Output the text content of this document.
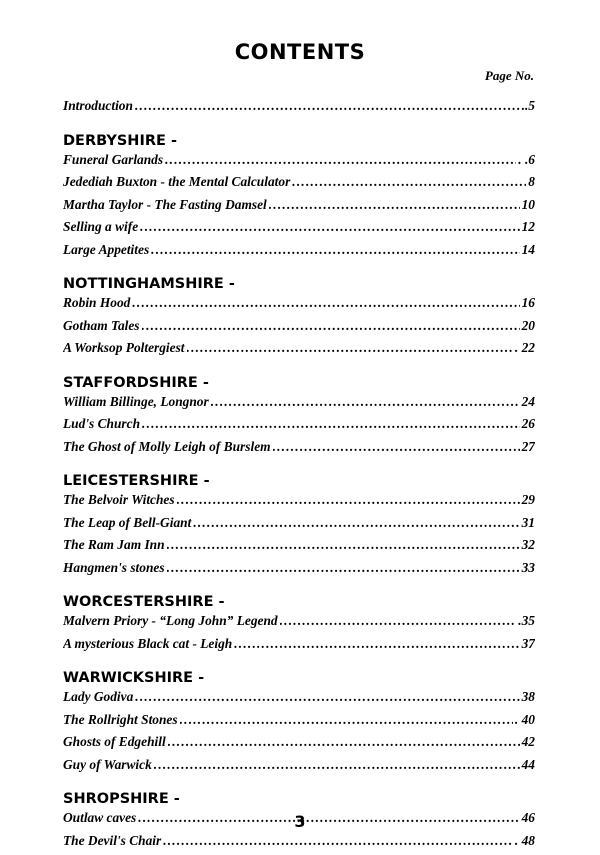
CONTENTS
Page No.
Introduction .....	..5
DERBYSHIRE -
Funeral Garlands .....	. .6
Jedediah Buxton - the Mental Calculator .....	8
Martha Taylor - The Fasting Damsel .....	10
Selling a wife .....	12
Large Appetites .....	14
NOTTINGHAMSHIRE -
Robin Hood .....	16
Gotham Tales .....	20
A Worksop Poltergiest .....	. 22
STAFFORDSHIRE -
William Billinge, Longnor .....	24
Lud's Church .....	26
The Ghost of Molly Leigh of Burslem .....	27
LEICESTERSHIRE -
The Belvoir Witches .....	29
The Leap of Bell-Giant .....	31
The Ram Jam Inn .....	32
Hangmen's stones .....	33
WORCESTERSHIRE -
Malvern Priory - “Long John” Legend .....	.35
A mysterious Black cat - Leigh .....	37
WARWICKSHIRE -
Lady Godiva .....	38
The Rollright Stones .....	. 40
Ghosts of Edgehill .....	42
Guy of Warwick .....	44
SHROPSHIRE -
Outlaw caves .....	46
The Devil's Chair .....	. 48
3
